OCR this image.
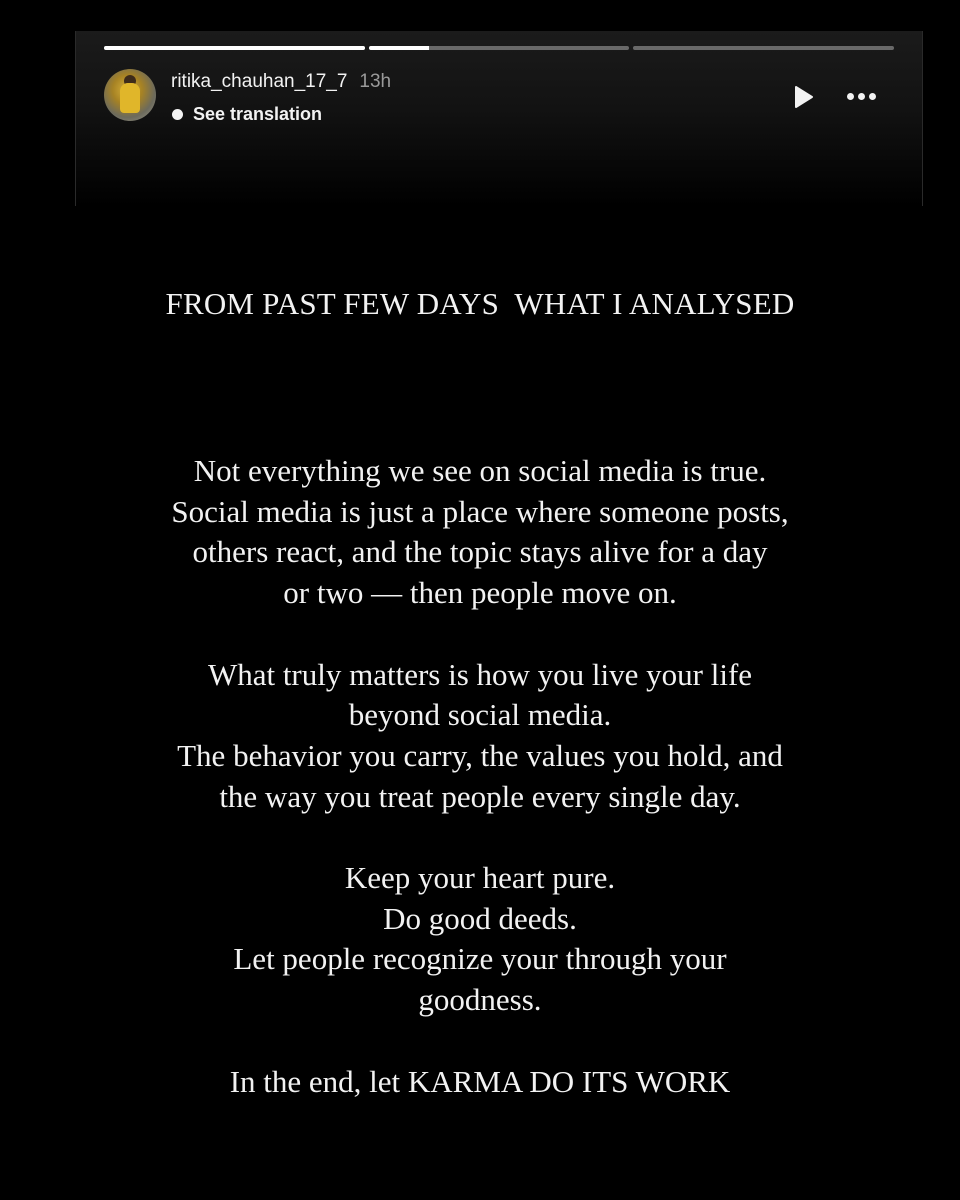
ritika_chauhan_17_7 13h
See translation
FROM PAST FEW DAYS  WHAT I ANALYSED

Not everything we see on social media is true.
Social media is just a place where someone posts,
others react, and the topic stays alive for a day
or two — then people move on.

What truly matters is how you live your life
beyond social media.
The behavior you carry, the values you hold, and
the way you treat people every single day.

Keep your heart pure.
Do good deeds.
Let people recognize your through your
goodness.

In the end, let KARMA DO ITS WORK
